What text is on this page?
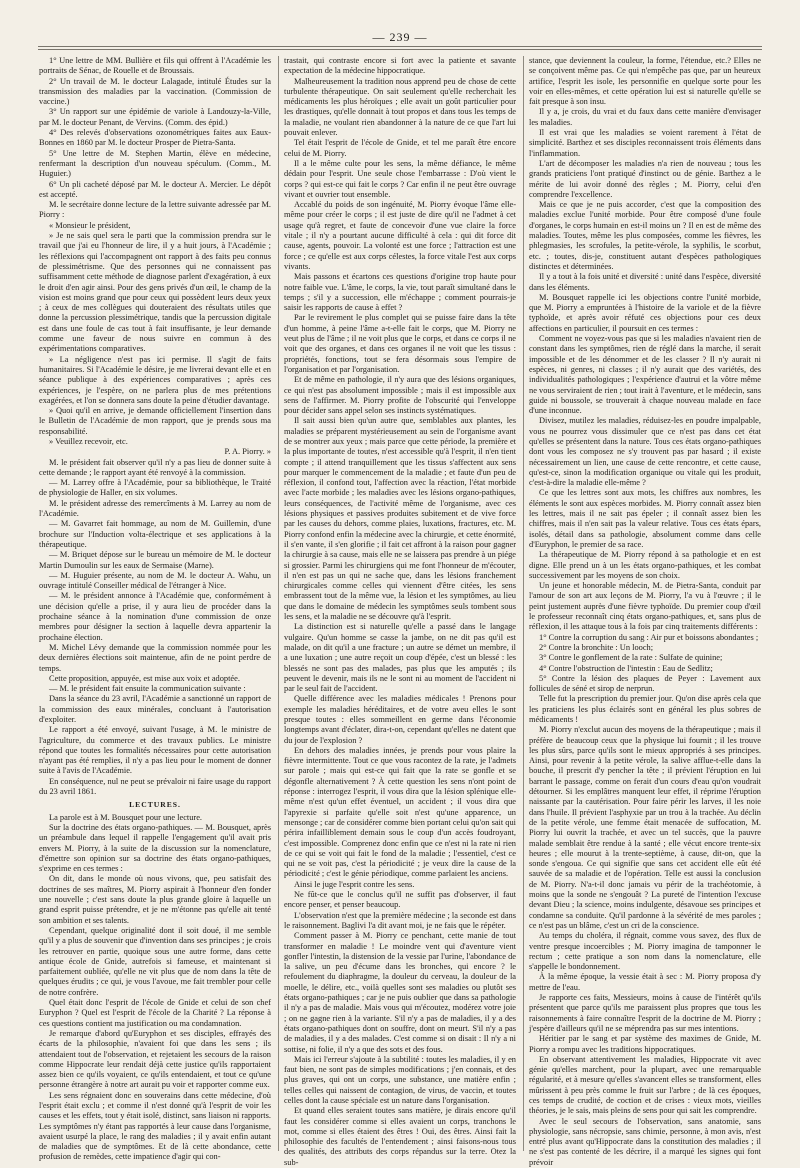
— 239 —

1° Une lettre de MM. Bullière et fils qui offrent à l'Académie les portraits de Sénac, de Rouelle et de Broussais.

2° Un travail de M. le docteur Lalagade, intitulé Études sur la transmission des maladies par la vaccination. (Commission de vaccine.)

3° Un rapport sur une épidémie de variole à Landouzy-la-Ville, par M. le docteur Penant, de Vervins. (Comm. des épid.)

4° Des relevés d'observations ozonométriques faites aux Eaux-Bonnes en 1860 par M. le docteur Prosper de Pietra-Santa.

5° Une lettre de M. Stephen Martin, élève en médecine, renfermant la description d'un nouveau spéculum. (Comm., M. Huguier.)

6° Un pli cacheté déposé par M. le docteur A. Mercier. Le dépôt est accepté.

M. le secrétaire donne lecture de la lettre suivante adressée par M. Piorry :

« Monsieur le président,

» Je ne sais quel sera le parti que la commission prendra sur le travail que j'ai eu l'honneur de lire, il y a huit jours, à l'Académie ; les réflexions qui l'accompagnent ont rapport à des faits peu connus de plessimétrisme. Que des personnes qui ne connaissent pas suffisamment cette méthode de diagnose parlent d'exagération, à eux le droit d'en agir ainsi. Pour des gens privés d'un œil, le champ de la vision est moins grand que pour ceux qui possèdent leurs deux yeux ; à ceux de mes collègues qui douteraient des résultats utiles que donne la percussion plessimétrique, tandis que la percussion digitale est dans une foule de cas tout à fait insuffisante, je leur demande comme une faveur de nous suivre en commun à des expérimentations comparatives.

» La négligence n'est pas ici permise. Il s'agit de faits humanitaires. Si l'Académie le désire, je me livrerai devant elle et en séance publique à des expériences comparatives ; après ces expériences, je l'espère, on ne parlera plus de mes prétentions exagérées, et l'on se donnera sans doute la peine d'étudier davantage.

» Quoi qu'il en arrive, je demande officiellement l'insertion dans le Bulletin de l'Académie de mon rapport, que je prends sous ma responsabilité.

» Veuillez recevoir, etc.

P. A. Piorry. »

M. le président fait observer qu'il n'y a pas lieu de donner suite à cette demande ; le rapport ayant été renvoyé à la commission.

— M. Larrey offre à l'Académie, pour sa bibliothèque, le Traité de physiologie de Haller, en six volumes.

M. le président adresse des remercîments à M. Larrey au nom de l'Académie.

— M. Gavarret fait hommage, au nom de M. Guillemin, d'une brochure sur l'Induction volta-électrique et ses applications à la thérapeutique.

— M. Briquet dépose sur le bureau un mémoire de M. le docteur Martin Dumoulin sur les eaux de Sermaise (Marne).

— M. Huguier présente, au nom de M. le docteur A. Wahu, un ouvrage intitulé Conseiller médical de l'étranger à Nice.

— M. le président annonce à l'Académie que, conformément à une décision qu'elle a prise, il y aura lieu de procéder dans la prochaine séance à la nomination d'une commission de onze membres pour désigner la section à laquelle devra appartenir la prochaine élection.

M. Michel Lévy demande que la commission nommée pour les deux dernières élections soit maintenue, afin de ne point perdre de temps.

Cette proposition, appuyée, est mise aux voix et adoptée.

— M. le président fait ensuite la communication suivante :

Dans la séance du 23 avril, l'Académie a sanctionné un rapport de la commission des eaux minérales, concluant à l'autorisation d'exploiter.

Le rapport a été envoyé, suivant l'usage, à M. le ministre de l'agriculture, du commerce et des travaux publics. Le ministre répond que toutes les formalités nécessaires pour cette autorisation n'ayant pas été remplies, il n'y a pas lieu pour le moment de donner suite à l'avis de l'Académie.

En conséquence, nul ne peut se prévaloir ni faire usage du rapport du 23 avril 1861.

LECTURES.

La parole est à M. Bousquet pour une lecture.

Sur la doctrine des états organo-pathiques. — M. Bousquet, après un préambule dans lequel il rappelle l'engagement qu'il avait pris envers M. Piorry, à la suite de la discussion sur la nomenclature, d'émettre son opinion sur sa doctrine des états organo-pathiques, s'exprime en ces termes :

On dit, dans le monde où nous vivons, que, peu satisfait des doctrines de ses maîtres, M. Piorry aspirait à l'honneur d'en fonder une nouvelle ; c'est sans doute la plus grande gloire à laquelle un grand esprit puisse prétendre, et je ne m'étonne pas qu'elle ait tenté son ambition et ses talents.

Cependant, quelque originalité dont il soit doué, il me semble qu'il y a plus de souvenir que d'invention dans ses principes ; je crois les retrouver en partie, quoique sous une autre forme, dans cette antique école de Gnide, autrefois si fameuse, et maintenant si parfaitement oubliée, qu'elle ne vit plus que de nom dans la tête de quelques érudits ; ce qui, je vous l'avoue, me fait trembler pour celle de notre confrère.

Quel était donc l'esprit de l'école de Gnide et celui de son chef Euryphon ? Quel est l'esprit de l'école de la Charité ? La réponse à ces questions contient ma justification ou ma condamnation.

Je remarque d'abord qu'Euryphon et ses disciples, effrayés des écarts de la philosophie, n'avaient foi que dans les sens ; ils attendaient tout de l'observation, et rejetaient les secours de la raison comme Hippocrate leur rendait déjà cette justice qu'ils rapportaient assez bien ce qu'ils voyaient, ce qu'ils entendaient, et tout ce qu'une personne étrangère à notre art aurait pu voir et rapporter comme eux.

Les sens régnaient donc en souverains dans cette médecine, d'où l'esprit était exclu ; et comme il n'est donné qu'à l'esprit de voir les causes et les effets, tout y était isolé, distinct, sans liaison ni rapports. Les symptômes n'y étant pas rapportés à leur cause dans l'organisme, avaient usurpé la place, le rang des maladies ; il y avait enfin autant de maladies que de symptômes. Et de là cette abondance, cette profusion de remèdes, cette impatience d'agir qui con-

trastait, qui contraste encore si fort avec la patiente et savante expectation de la médecine hippocratique.

Malheureusement la tradition nous apprend peu de chose de cette turbulente thérapeutique. On sait seulement qu'elle recherchait les médicaments les plus héroïques ; elle avait un goût particulier pour les drastiques, qu'elle donnait à tout propos et dans tous les temps de la maladie, ne voulant rien abandonner à la nature de ce que l'art lui pouvait enlever.

Tel était l'esprit de l'école de Gnide, et tel me paraît être encore celui de M. Piorry.

Il a le même culte pour les sens, la même défiance, le même dédain pour l'esprit. Une seule chose l'embarrasse : D'où vient le corps ? qui est-ce qui fait le corps ? Car enfin il ne peut être ouvrage vivant et ouvrier tout ensemble.

Accablé du poids de son ingénuité, M. Piorry évoque l'âme elle-même pour créer le corps ; il est juste de dire qu'il ne l'admet à cet usage qu'à regret, et faute de concevoir d'une vue claire la force vitale ; il n'y a pourtant aucune difficulté à cela : qui dit force dit cause, agents, pouvoir. La volonté est une force ; l'attraction est une force ; ce qu'elle est aux corps célestes, la force vitale l'est aux corps vivants.

Mais passons et écartons ces questions d'origine trop haute pour notre faible vue. L'âme, le corps, la vie, tout paraît simultané dans le temps ; s'il y a succession, elle m'échappe ; comment pourrais-je saisir les rapports de cause à effet ?

Par le revirement le plus complet qui se puisse faire dans la tête d'un homme, à peine l'âme a-t-elle fait le corps, que M. Piorry ne veut plus de l'âme ; il ne voit plus que le corps, et dans ce corps il ne voit que des organes, et dans ces organes il ne voit que les tissus : propriétés, fonctions, tout se fera désormais sous l'empire de l'organisation et par l'organisation.

Et de même en pathologie, il n'y aura que des lésions organiques, ce qui n'est pas absolument impossible ; mais il est impossible aux sens de l'affirmer. M. Piorry profite de l'obscurité qui l'enveloppe pour décider sans appel selon ses instincts systématiques.

Il sait aussi bien qu'un autre que, semblables aux plantes, les maladies se préparent mystérieusement au sein de l'organisme avant de se montrer aux yeux ; mais parce que cette période, la première et la plus importante de toutes, n'est accessible qu'à l'esprit, il n'en tient compte ; il attend tranquillement que les tissus s'affectent aux sens pour marquer le commencement de la maladie ; et faute d'un peu de réflexion, il confond tout, l'affection avec la réaction, l'état morbide avec l'acte morbide ; les maladies avec les lésions organo-pathiques, leurs conséquences, de l'activité même de l'organisme, avec ces lésions physiques et passives produites subitement et de vive force par les causes du dehors, comme plaies, luxations, fractures, etc. M. Piorry confond enfin la médecine avec la chirurgie, et cette énormité, il s'en vante, il s'en glorifie ; il fait cet affront à la raison pour gagner la chirurgie à sa cause, mais elle ne se laissera pas prendre à un piége si grossier. Parmi les chirurgiens qui me font l'honneur de m'écouter, il n'en est pas un qui ne sache que, dans les lésions franchement chirurgicales comme celles qui viennent d'être citées, les sens embrassent tout de la même vue, la lésion et les symptômes, au lieu que dans le domaine de médecin les symptômes seuls tombent sous les sens, et la maladie ne se découvre qu'à l'esprit.

La distinction est si naturelle qu'elle a passé dans le langage vulgaire. Qu'un homme se casse la jambe, on ne dit pas qu'il est malade, on dit qu'il a une fracture ; un autre se démet un membre, il a une luxation ; une autre reçoit un coup d'épée, c'est un blessé : les blessés ne sont pas des malades, pas plus que les amputés ; ils peuvent le devenir, mais ils ne le sont ni au moment de l'accident ni par le seul fait de l'accident.

Quelle différence avec les maladies médicales ! Prenons pour exemple les maladies héréditaires, et de votre aveu elles le sont presque toutes : elles sommeillent en germe dans l'économie longtemps avant d'éclater, dira-t-on, cependant qu'elles ne datent que du jour de l'explosion ?

En dehors des maladies innées, je prends pour vous plaire la fièvre intermittente. Tout ce que vous racontez de la rate, je l'admets sur parole ; mais qui est-ce qui fait que la rate se gonfle et se dégonfle alternativement ? À cette question les sens n'ont point de réponse : interrogez l'esprit, il vous dira que la lésion splénique elle-même n'est qu'un effet éventuel, un accident ; il vous dira que l'apyrexie si parfaite qu'elle soit n'est qu'une apparence, un mensonge ; car de considérer comme bien portant celui qu'on sait qui périra infailliblement demain sous le coup d'un accès foudroyant, c'est impossible. Comprenez donc enfin que ce n'est ni la rate ni rien de ce qui se voit qui fait le fond de la maladie ; l'essentiel, c'est ce qui ne se voit pas, c'est la périodicité ; je veux dire la cause de la périodicité ; c'est le génie périodique, comme parlaient les anciens.

Ainsi le juge l'esprit contre les sens.

Ne fût-ce que le conclus qu'il ne suffit pas d'observer, il faut encore penser, et penser beaucoup.

L'observation n'est que la première médecine ; la seconde est dans le raisonnement. Baglivi l'a dit avant moi, je ne fais que le répéter.

Comment passer à M. Piorry ce penchant, cette manie de tout transformer en maladie ! Le moindre vent qui d'aventure vient gonfler l'intestin, la distension de la vessie par l'urine, l'abondance de la salive, un peu d'écume dans les bronches, qui encore ? le refoulement du diaphragme, la douleur du cerveau, la douleur de la moelle, le délire, etc., voilà quelles sont ses maladies ou plutôt ses états organo-pathiques ; car je ne puis oublier que dans sa pathologie il n'y a pas de maladie. Mais vous qui m'écoutez, modérez votre joie ; on ne gagne rien à la variante. S'il n'y a pas de maladies, il y a des états organo-pathiques dont on souffre, dont on meurt. S'il n'y a pas de maladies, il y a des malades. C'est comme si on disait : Il n'y a ni sottise, ni folie, il n'y a que des sots et des fous.

Mais ici l'erreur s'ajoute à la subtilité : toutes les maladies, il y en faut bien, ne sont pas de simples modifications ; j'en connais, et des plus graves, qui ont un corps, une substance, une matière enfin ; telles celles qui naissent de contagion, de virus, de vaccin, et toutes celles dont la cause spéciale est un nature dans l'organisation.

Et quand elles seraient toutes sans matière, je dirais encore qu'il faut les considérer comme si elles avaient un corps, tranchons le mot, comme si elles étaient des êtres ! Oui, des êtres. Ainsi fait la philosophie des facultés de l'entendement ; ainsi faisons-nous tous des qualités, des attributs des corps répandus sur la terre. Otez la sub-

stance, que deviennent la couleur, la forme, l'étendue, etc.? Elles ne se conçoivent même pas. Ce qui n'empêche pas que, par un heureux artifice, l'esprit les isole, les personnifie en quelque sorte pour les voir en elles-mêmes, et cette opération lui est si naturelle qu'elle se fait presque à son insu.

Il y a, je crois, du vrai et du faux dans cette manière d'envisager les maladies.

Il est vrai que les maladies se voient rarement à l'état de simplicité. Barthez et ses disciples reconnaissent trois éléments dans l'inflammation.

L'art de décomposer les maladies n'a rien de nouveau ; tous les grands praticiens l'ont pratiqué d'instinct ou de génie. Barthez a le mérite de lui avoir donné des règles ; M. Piorry, celui d'en comprendre l'excellence.

Mais ce que je ne puis accorder, c'est que la composition des maladies exclue l'unité morbide. Pour être composé d'une foule d'organes, le corps humain en est-il moins un ? Il en est de même des maladies. Toutes, même les plus composées, comme les fièvres, les phlegmasies, les scrofules, la petite-vérole, la syphilis, le scorbut, etc. ; toutes, dis-je, constituent autant d'espèces pathologiques distinctes et déterminées.

Il y a tout à la fois unité et diversité : unité dans l'espèce, diversité dans les éléments.

M. Bousquet rappelle ici les objections contre l'unité morbide, que M. Piorry a empruntées à l'histoire de la variole et de la fièvre typhoïde, et après avoir réfuté ces objections pour ces deux affections en particulier, il poursuit en ces termes :

Comment ne voyez-vous pas que si les maladies n'avaient rien de constant dans les symptômes, rien de réglé dans la marche, il serait impossible et de les dénommer et de les classer ? Il n'y aurait ni espèces, ni genres, ni classes ; il n'y aurait que des variétés, des individualités pathologiques ; l'expérience d'autrui et la vôtre même ne vous serviraient de rien ; tout irait à l'aventure, et le médecin, sans guide ni boussole, se trouverait à chaque nouveau malade en face d'une inconnue.

Divisez, mutilez les maladies, réduisez-les en poudre impalpable, vous ne pourrez vous dissimuler que ce n'est pas dans cet état qu'elles se présentent dans la nature. Tous ces états organo-pathiques dont vous les composez ne s'y trouvent pas par hasard ; il existe nécessairement un lien, une cause de cette rencontre, et cette cause, qu'est-ce, sinon la modification organique ou vitale qui les produit, c'est-à-dire la maladie elle-même ?

Ce que les lettres sont aux mots, les chiffres aux nombres, les éléments le sont aux espèces morbides. M. Piorry connaît assez bien les lettres, mais il ne sait pas épeler ; il connaît assez bien les chiffres, mais il n'en sait pas la valeur relative. Tous ces états épars, isolés, détail dans sa pathologie, absolument comme dans celle d'Euryphon, le premier de sa race.

La thérapeutique de M. Piorry répond à sa pathologie et en est digne. Elle prend un à un les états organo-pathiques, et les combat successivement par les moyens de son choix.

Un jeune et honorable médecin, M. de Pietra-Santa, conduit par l'amour de son art aux leçons de M. Piorry, l'a vu à l'œuvre ; il le peint justement auprès d'une fièvre typhoïde. Du premier coup d'œil le professeur reconnaît cinq états organo-pathiques, et, sans plus de réflexion, il les attaque tous à la fois par cinq traitements différents :

1° Contre la corruption du sang : Air pur et boissons abondantes ;

2° Contre la bronchite : Un looch;

3° Contre le gonflement de la rate : Sulfate de quinine;

4° Contre l'obstruction de l'intestin : Eau de Sedlitz;

5° Contre la lésion des plaques de Peyer : Lavement aux follicules de séné et sirop de nerprun.

Telle fut la prescription du premier jour. Qu'on dise après cela que les praticiens les plus éclairés sont en général les plus sobres de médicaments !

M. Piorry n'exclut aucun des moyens de la thérapeutique ; mais il préfère de beaucoup ceux que la physique lui fournit ; il les trouve les plus sûrs, parce qu'ils sont le mieux appropriés à ses principes. Ainsi, pour revenir à la petite vérole, la salive afflue-t-elle dans la bouche, il prescrit d'y pencher la tête ; il prévient l'éruption en lui barrant le passage, comme on ferait d'un cours d'eau qu'on voudrait détourner. Si les emplâtres manquent leur effet, il réprime l'éruption naissante par la cautérisation. Pour faire périr les larves, il les noie dans l'huile. Il prévient l'asphyxie par un trou à la trachée. Au déclin de la petite vérole, une femme était menacée de suffocation, M. Piorry lui ouvrit la trachée, et avec un tel succès, que la pauvre malade semblait être rendue à la santé ; elle vécut encore trente-six heures ; elle mourut à la trente-septième, à cause, dit-on, que la sonde s'engoua. Ce qui signifie que sans cet accident elle eût été sauvée de sa maladie et de l'opération. Telle est aussi la conclusion de M. Piorry. N'a-t-il donc jamais vu périr de la trachéotomie, à moins que la sonde ne s'engouât ? La pureté de l'intention l'excuse devant Dieu ; la science, moins indulgente, désavoue ses principes et condamne sa conduite. Qu'il pardonne à la sévérité de mes paroles ; ce n'est pas un blâme, c'est un cri de la conscience.

Au temps du choléra, il régnait, comme vous savez, des flux de ventre presque incoercibles ; M. Piorry imagina de tamponner le rectum ; cette pratique a son nom dans la nomenclature, elle s'appelle le bondonnement.

À la même époque, la vessie était à sec : M. Piorry proposa d'y mettre de l'eau.

Je rapporte ces faits, Messieurs, moins à cause de l'intérêt qu'ils présentent que parce qu'ils me paraissent plus propres que tous les raisonnements à faire connaître l'esprit de la doctrine de M. Piorry ; j'espère d'ailleurs qu'il ne se méprendra pas sur mes intentions.

Héritier par le sang et par système des maximes de Gnide, M. Piorry a rompu avec les traditions hippocratiques.

En observant attentivement les maladies, Hippocrate vit avec génie qu'elles marchent, pour la plupart, avec une remarquable régularité, et à mesure qu'elles s'avancent elles se transforment, elles mûrissent à peu près comme le fruit sur l'arbre ; de là ces époques, ces temps de crudité, de coction et de crises : vieux mots, vieilles théories, je le sais, mais pleins de sens pour qui sait les comprendre.

Avec le seul secours de l'observation, sans anatomie, sans physiologie, sans nécropsie, sans chimie, personne, à mon avis, n'est entré plus avant qu'Hippocrate dans la constitution des maladies ; il ne s'est pas contenté de les décrire, il a marqué les signes qui font prévoir
